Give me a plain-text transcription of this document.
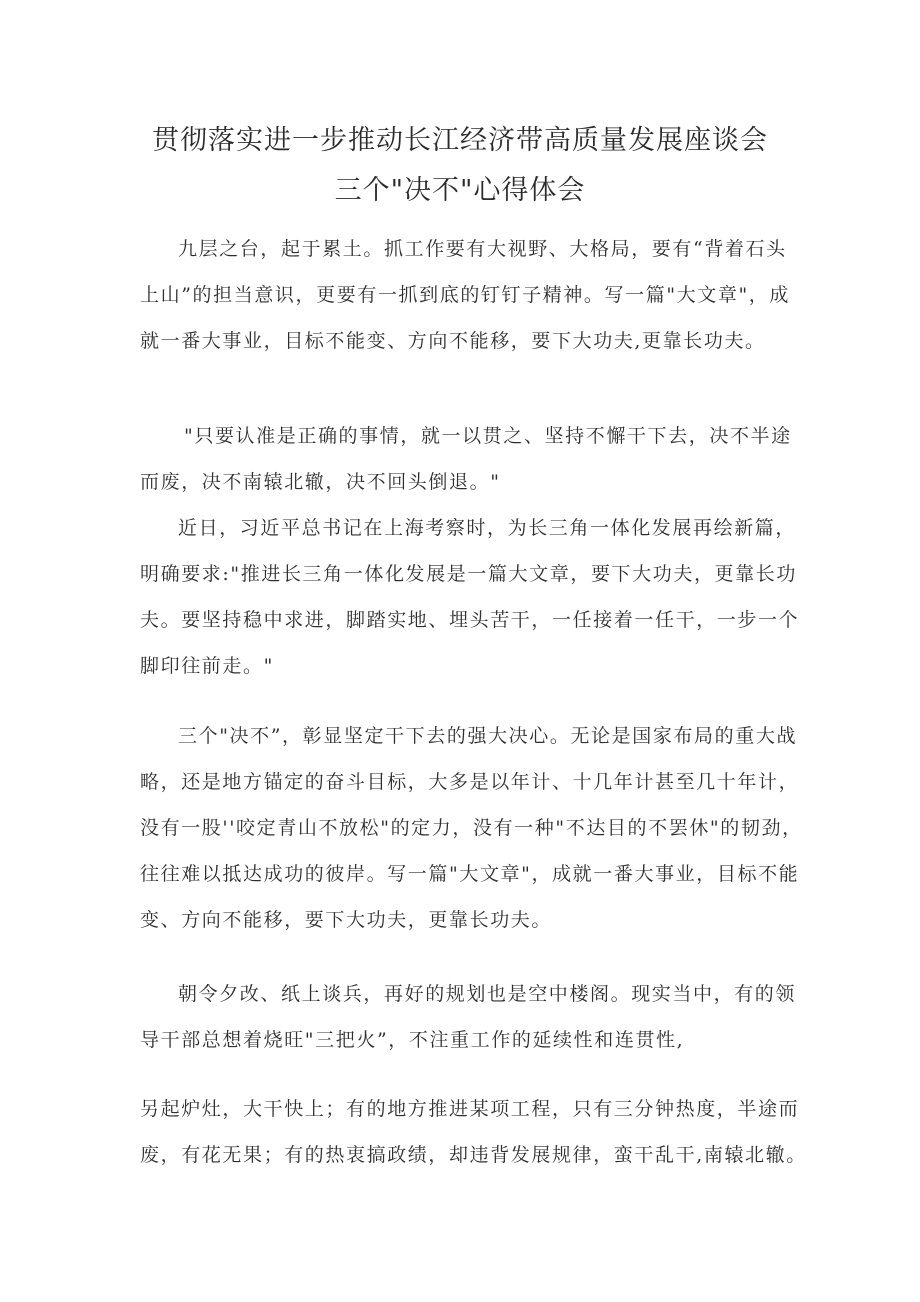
贯彻落实进一步推动长江经济带高质量发展座谈会
三个"决不"心得体会
九层之台，起于累土。抓工作要有大视野、大格局，要有“背着石头
上山”的担当意识，更要有一抓到底的钉钉子精神。写一篇"大文章"，成
就一番大事业，目标不能变、方向不能移，要下大功夫,更靠长功夫。
"只要认准是正确的事情，就一以贯之、坚持不懈干下去，决不半途
而废，决不南辕北辙，决不回头倒退。"
近日，习近平总书记在上海考察时，为长三角一体化发展再绘新篇，
明确要求:"推进长三角一体化发展是一篇大文章，要下大功夫，更靠长功
夫。要坚持稳中求进，脚踏实地、埋头苦干，一任接着一任干，一步一个
脚印往前走。"
三个"决不”，彰显坚定干下去的强大决心。无论是国家布局的重大战
略，还是地方锚定的奋斗目标，大多是以年计、十几年计甚至几十年计，
没有一股''咬定青山不放松"的定力，没有一种"不达目的不罢休"的韧劲，
往往难以抵达成功的彼岸。写一篇"大文章"，成就一番大事业，目标不能
变、方向不能移，要下大功夫，更靠长功夫。
朝令夕改、纸上谈兵，再好的规划也是空中楼阁。现实当中，有的领
导干部总想着烧旺"三把火”，不注重工作的延续性和连贯性,
另起炉灶，大干快上；有的地方推进某项工程，只有三分钟热度，半途而
废，有花无果；有的热衷搞政绩，却违背发展规律，蛮干乱干,南辕北辙。
